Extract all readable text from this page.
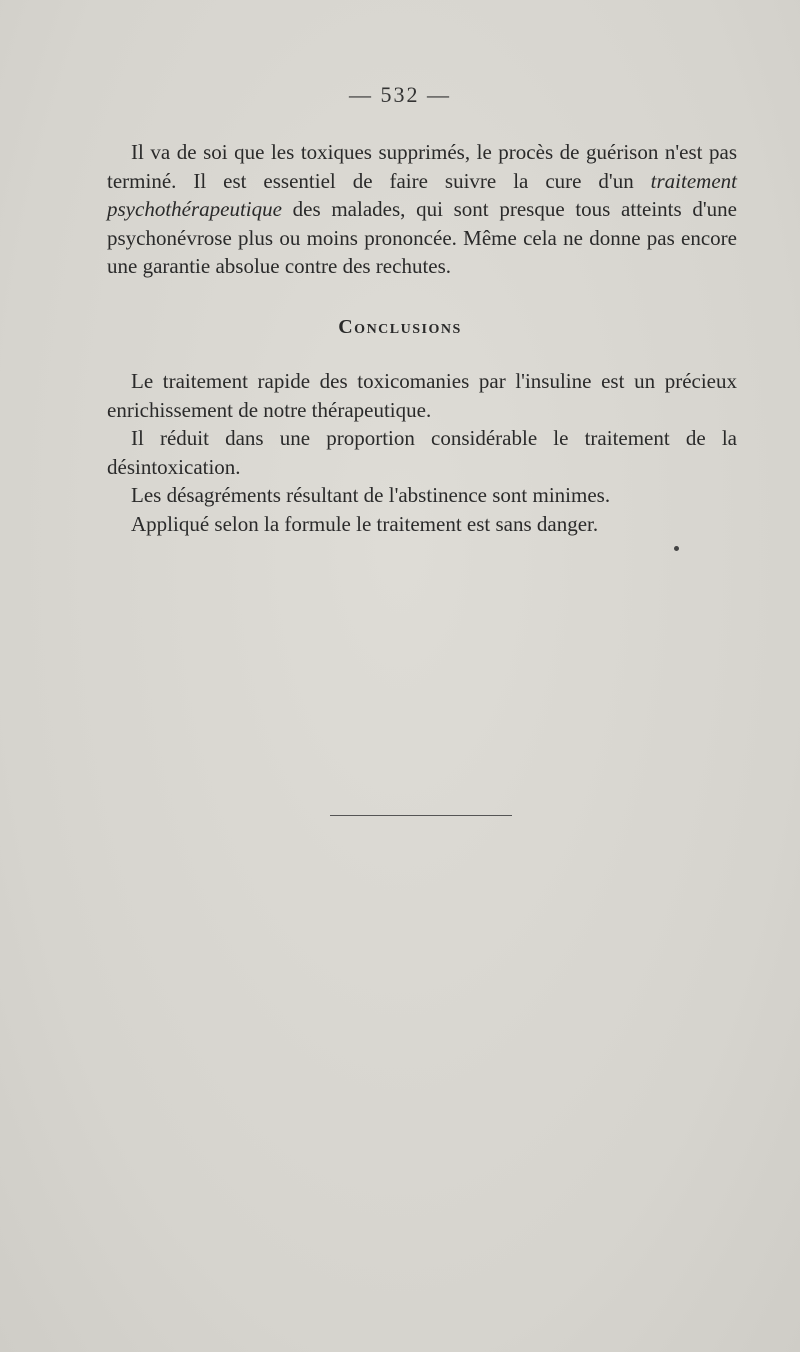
— 532 —

Il va de soi que les toxiques supprimés, le procès de guérison n'est pas terminé. Il est essentiel de faire suivre la cure d'un traitement psychothérapeutique des malades, qui sont presque tous atteints d'une psychonévrose plus ou moins prononcée. Même cela ne donne pas encore une garantie absolue contre des rechutes.

Conclusions

Le traitement rapide des toxicomanies par l'insuline est un précieux enrichissement de notre thérapeutique.

Il réduit dans une proportion considérable le traitement de la désintoxication.

Les désagréments résultant de l'abstinence sont minimes.

Appliqué selon la formule le traitement est sans danger.
